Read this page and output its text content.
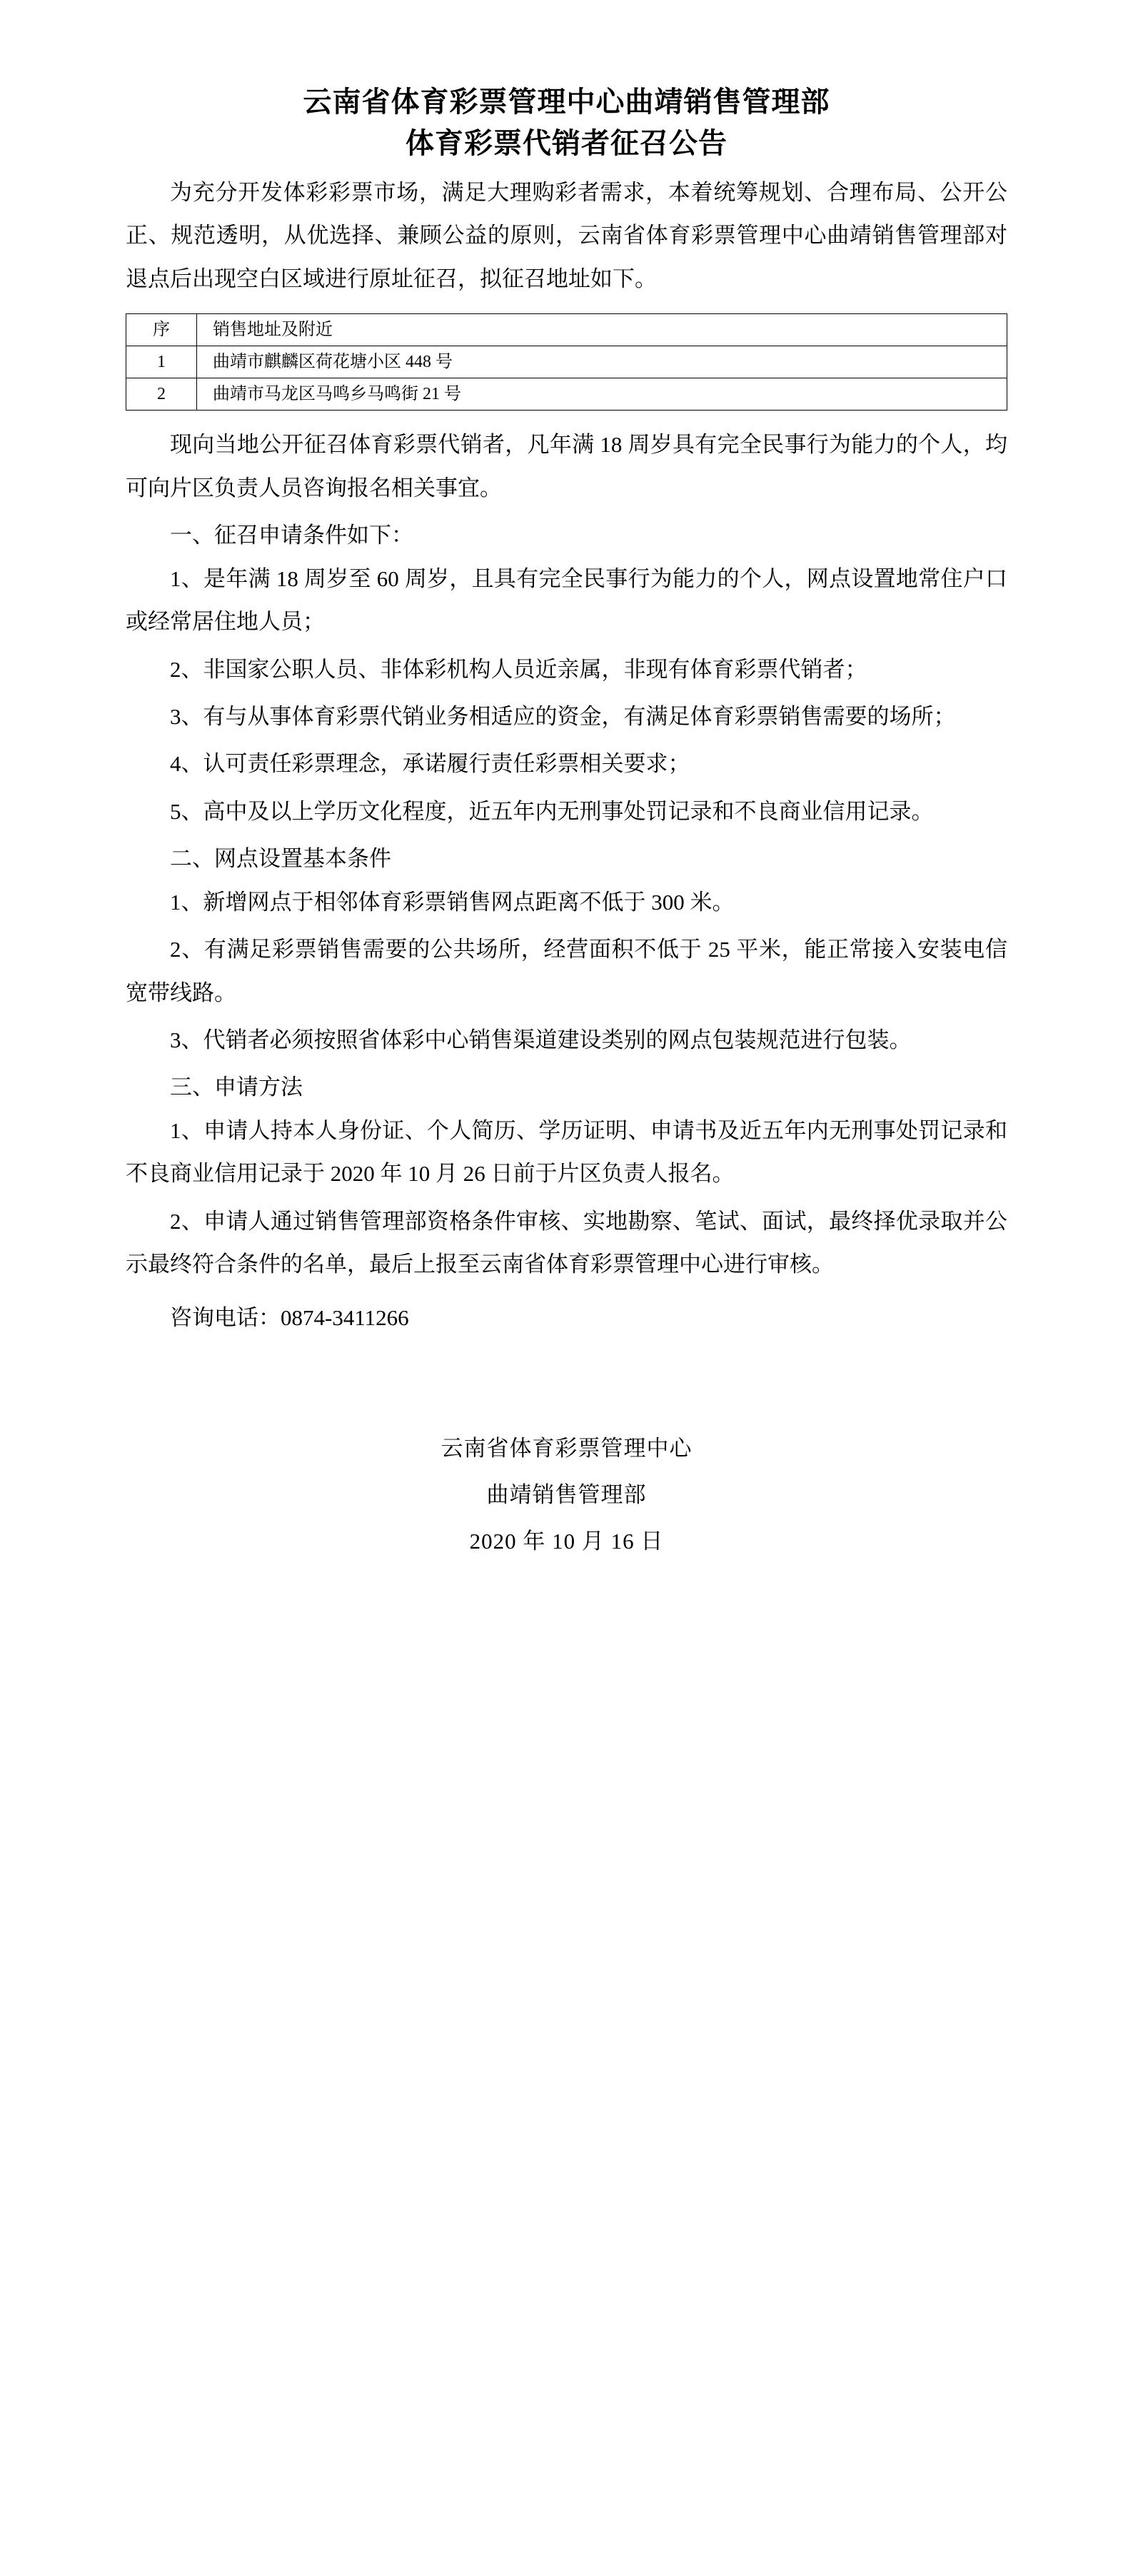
云南省体育彩票管理中心曲靖销售管理部
体育彩票代销者征召公告

为充分开发体彩彩票市场，满足大理购彩者需求，本着统筹规划、合理布局、公开公正、规范透明，从优选择、兼顾公益的原则，云南省体育彩票管理中心曲靖销售管理部对退点后出现空白区域进行原址征召，拟征召地址如下。

序	销售地址及附近
1	曲靖市麒麟区荷花塘小区 448 号
2	曲靖市马龙区马鸣乡马鸣街 21 号

现向当地公开征召体育彩票代销者，凡年满 18 周岁具有完全民事行为能力的个人，均可向片区负责人员咨询报名相关事宜。

一、征召申请条件如下：

1、是年满 18 周岁至 60 周岁，且具有完全民事行为能力的个人，网点设置地常住户口或经常居住地人员；

2、非国家公职人员、非体彩机构人员近亲属，非现有体育彩票代销者；

3、有与从事体育彩票代销业务相适应的资金，有满足体育彩票销售需要的场所；

4、认可责任彩票理念，承诺履行责任彩票相关要求；

5、高中及以上学历文化程度，近五年内无刑事处罚记录和不良商业信用记录。

二、网点设置基本条件

1、新增网点于相邻体育彩票销售网点距离不低于 300 米。

2、有满足彩票销售需要的公共场所，经营面积不低于 25 平米，能正常接入安装电信宽带线路。

3、代销者必须按照省体彩中心销售渠道建设类别的网点包装规范进行包装。

三、申请方法

1、申请人持本人身份证、个人简历、学历证明、申请书及近五年内无刑事处罚记录和不良商业信用记录于 2020 年 10 月 26 日前于片区负责人报名。

2、申请人通过销售管理部资格条件审核、实地勘察、笔试、面试，最终择优录取并公示最终符合条件的名单，最后上报至云南省体育彩票管理中心进行审核。

咨询电话：0874-3411266

云南省体育彩票管理中心
曲靖销售管理部
2020 年 10 月 16 日
